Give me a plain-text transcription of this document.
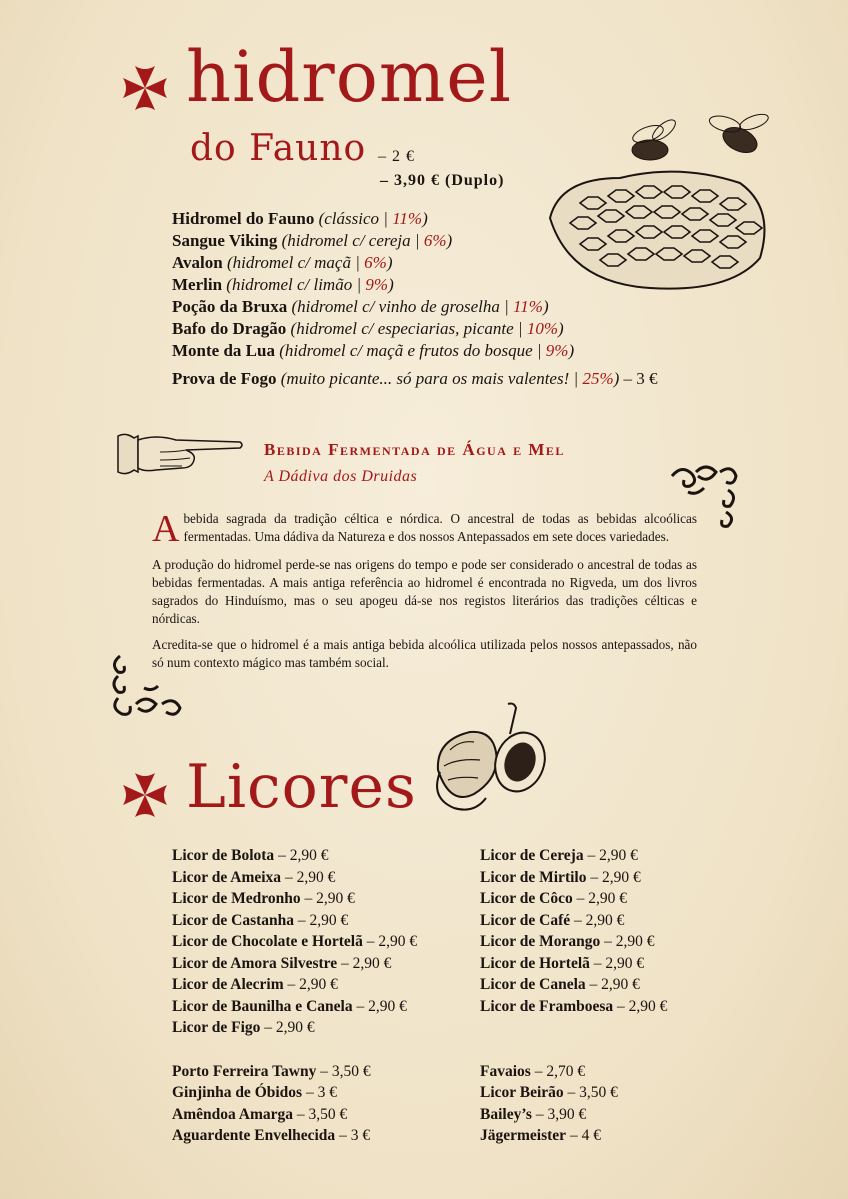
hidromel
do Fauno – 2 €
– 3,90 € (Duplo)
Hidromel do Fauno (clássico | 11%)
Sangue Viking (hidromel c/ cereja | 6%)
Avalon (hidromel c/ maçã | 6%)
Merlin (hidromel c/ limão | 9%)
Poção da Bruxa (hidromel c/ vinho de groselha | 11%)
Bafo do Dragão (hidromel c/ especiarias, picante | 10%)
Monte da Lua (hidromel c/ maçã e frutos do bosque | 9%)
Prova de Fogo (muito picante... só para os mais valentes! | 25%) – 3 €
Bebida Fermentada de Água e Mel
A Dádiva dos Druidas
Abebida sagrada da tradição céltica e nórdica. O ancestral de todas as bebidas alcoólicas fermentadas. Uma dádiva da Natureza e dos nossos Antepassados em sete doces variedades.
A produção do hidromel perde-se nas origens do tempo e pode ser considerado o ancestral de todas as bebidas fermentadas. A mais antiga referência ao hidromel é encontrada no Rigveda, um dos livros sagrados do Hinduísmo, mas o seu apogeu dá-se nos registos literários das tradições célticas e nórdicas.
Acredita-se que o hidromel é a mais antiga bebida alcoólica utilizada pelos nossos antepassados, não só num contexto mágico mas também social.
Licores
Licor de Bolota – 2,90 €
Licor de Ameixa – 2,90 €
Licor de Medronho – 2,90 €
Licor de Castanha – 2,90 €
Licor de Chocolate e Hortelã – 2,90 €
Licor de Amora Silvestre – 2,90 €
Licor de Alecrim – 2,90 €
Licor de Baunilha e Canela – 2,90 €
Licor de Figo – 2,90 €
Porto Ferreira Tawny – 3,50 €
Ginjinha de Óbidos – 3 €
Amêndoa Amarga – 3,50 €
Aguardente Envelhecida – 3 €
Licor de Cereja – 2,90 €
Licor de Mirtilo – 2,90 €
Licor de Côco – 2,90 €
Licor de Café – 2,90 €
Licor de Morango – 2,90 €
Licor de Hortelã – 2,90 €
Licor de Canela – 2,90 €
Licor de Framboesa – 2,90 €
Favaios – 2,70 €
Licor Beirão – 3,50 €
Bailey’s – 3,90 €
Jägermeister – 4 €
